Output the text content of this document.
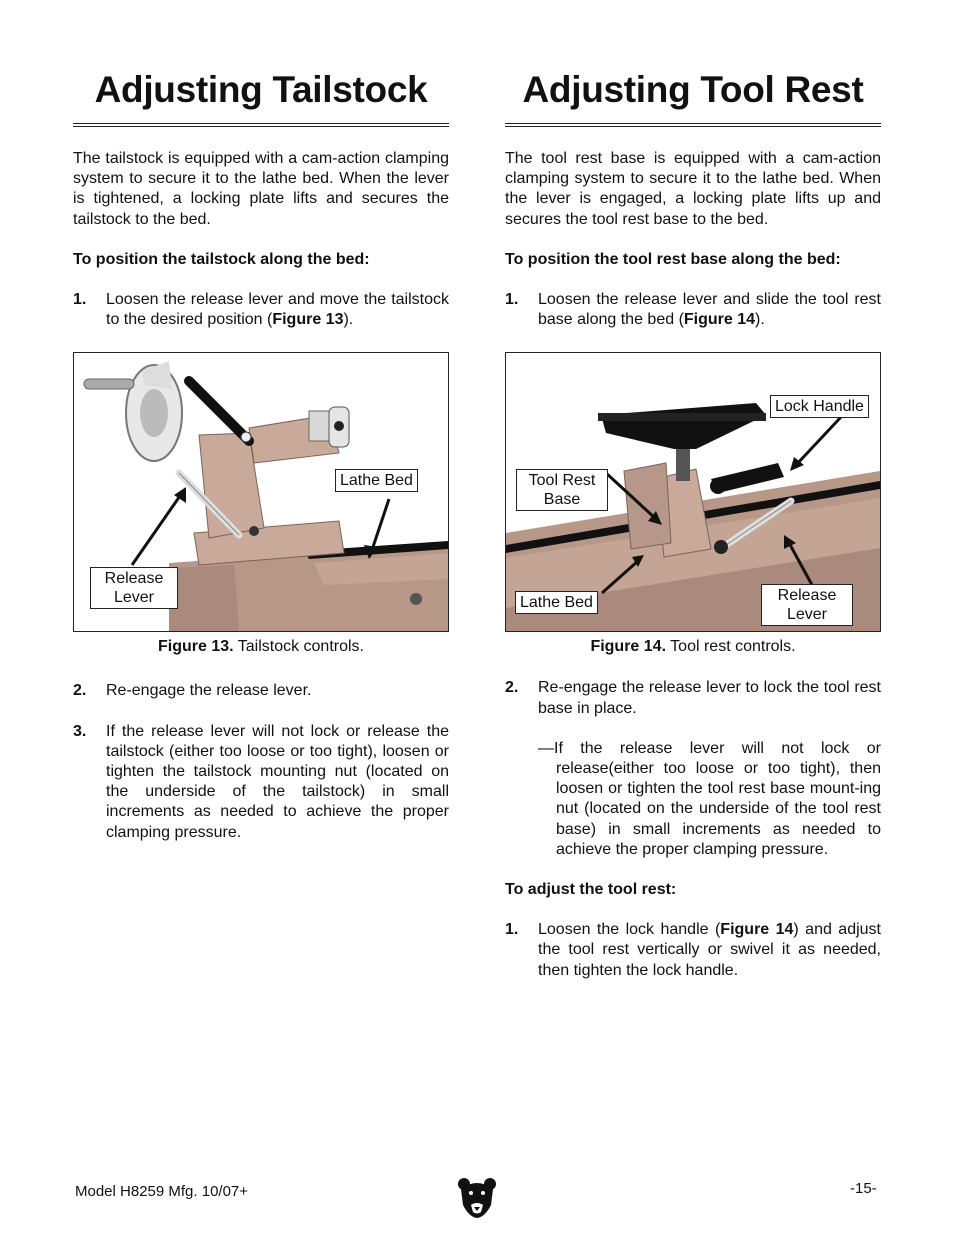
Adjusting Tailstock

The tailstock is equipped with a cam-action clamping system to secure it to the lathe bed. When the lever is tightened, a locking plate lifts and secures the tailstock to the bed.

To position the tailstock along the bed:

1.	Loosen the release lever and move the tailstock to the desired position (Figure 13).
Lathe Bed
Release Lever
Figure 13. Tailstock controls.
2.	Re-engage the release lever.
3.	If the release lever will not lock or release the tailstock (either too loose or too tight), loosen or tighten the tailstock mounting nut (located on the underside of the tailstock) in small increments as needed to achieve the proper clamping pressure.
Adjusting Tool Rest

The tool rest base is equipped with a cam-action clamping system to secure it to the lathe bed. When the lever is engaged, a locking plate lifts up and secures the tool rest base to the bed.

To position the tool rest base along the bed:

1.	Loosen the release lever and slide the tool rest base along the bed (Figure 14).
Lock Handle
Tool Rest Base
Lathe Bed	Release Lever
Figure 14. Tool rest controls.
2.	Re-engage the release lever to lock the tool rest base in place.

—If the release lever will not lock or release(either too loose or too tight), then loosen or tighten the tool rest base mount-ing nut (located on the underside of the tool rest base) in small increments as needed to achieve the proper clamping pressure.

To adjust the tool rest:

1.	Loosen the lock handle (Figure 14) and adjust the tool rest vertically or swivel it as needed, then tighten the lock handle.
Model H8259 Mfg. 10/07+	-15-
